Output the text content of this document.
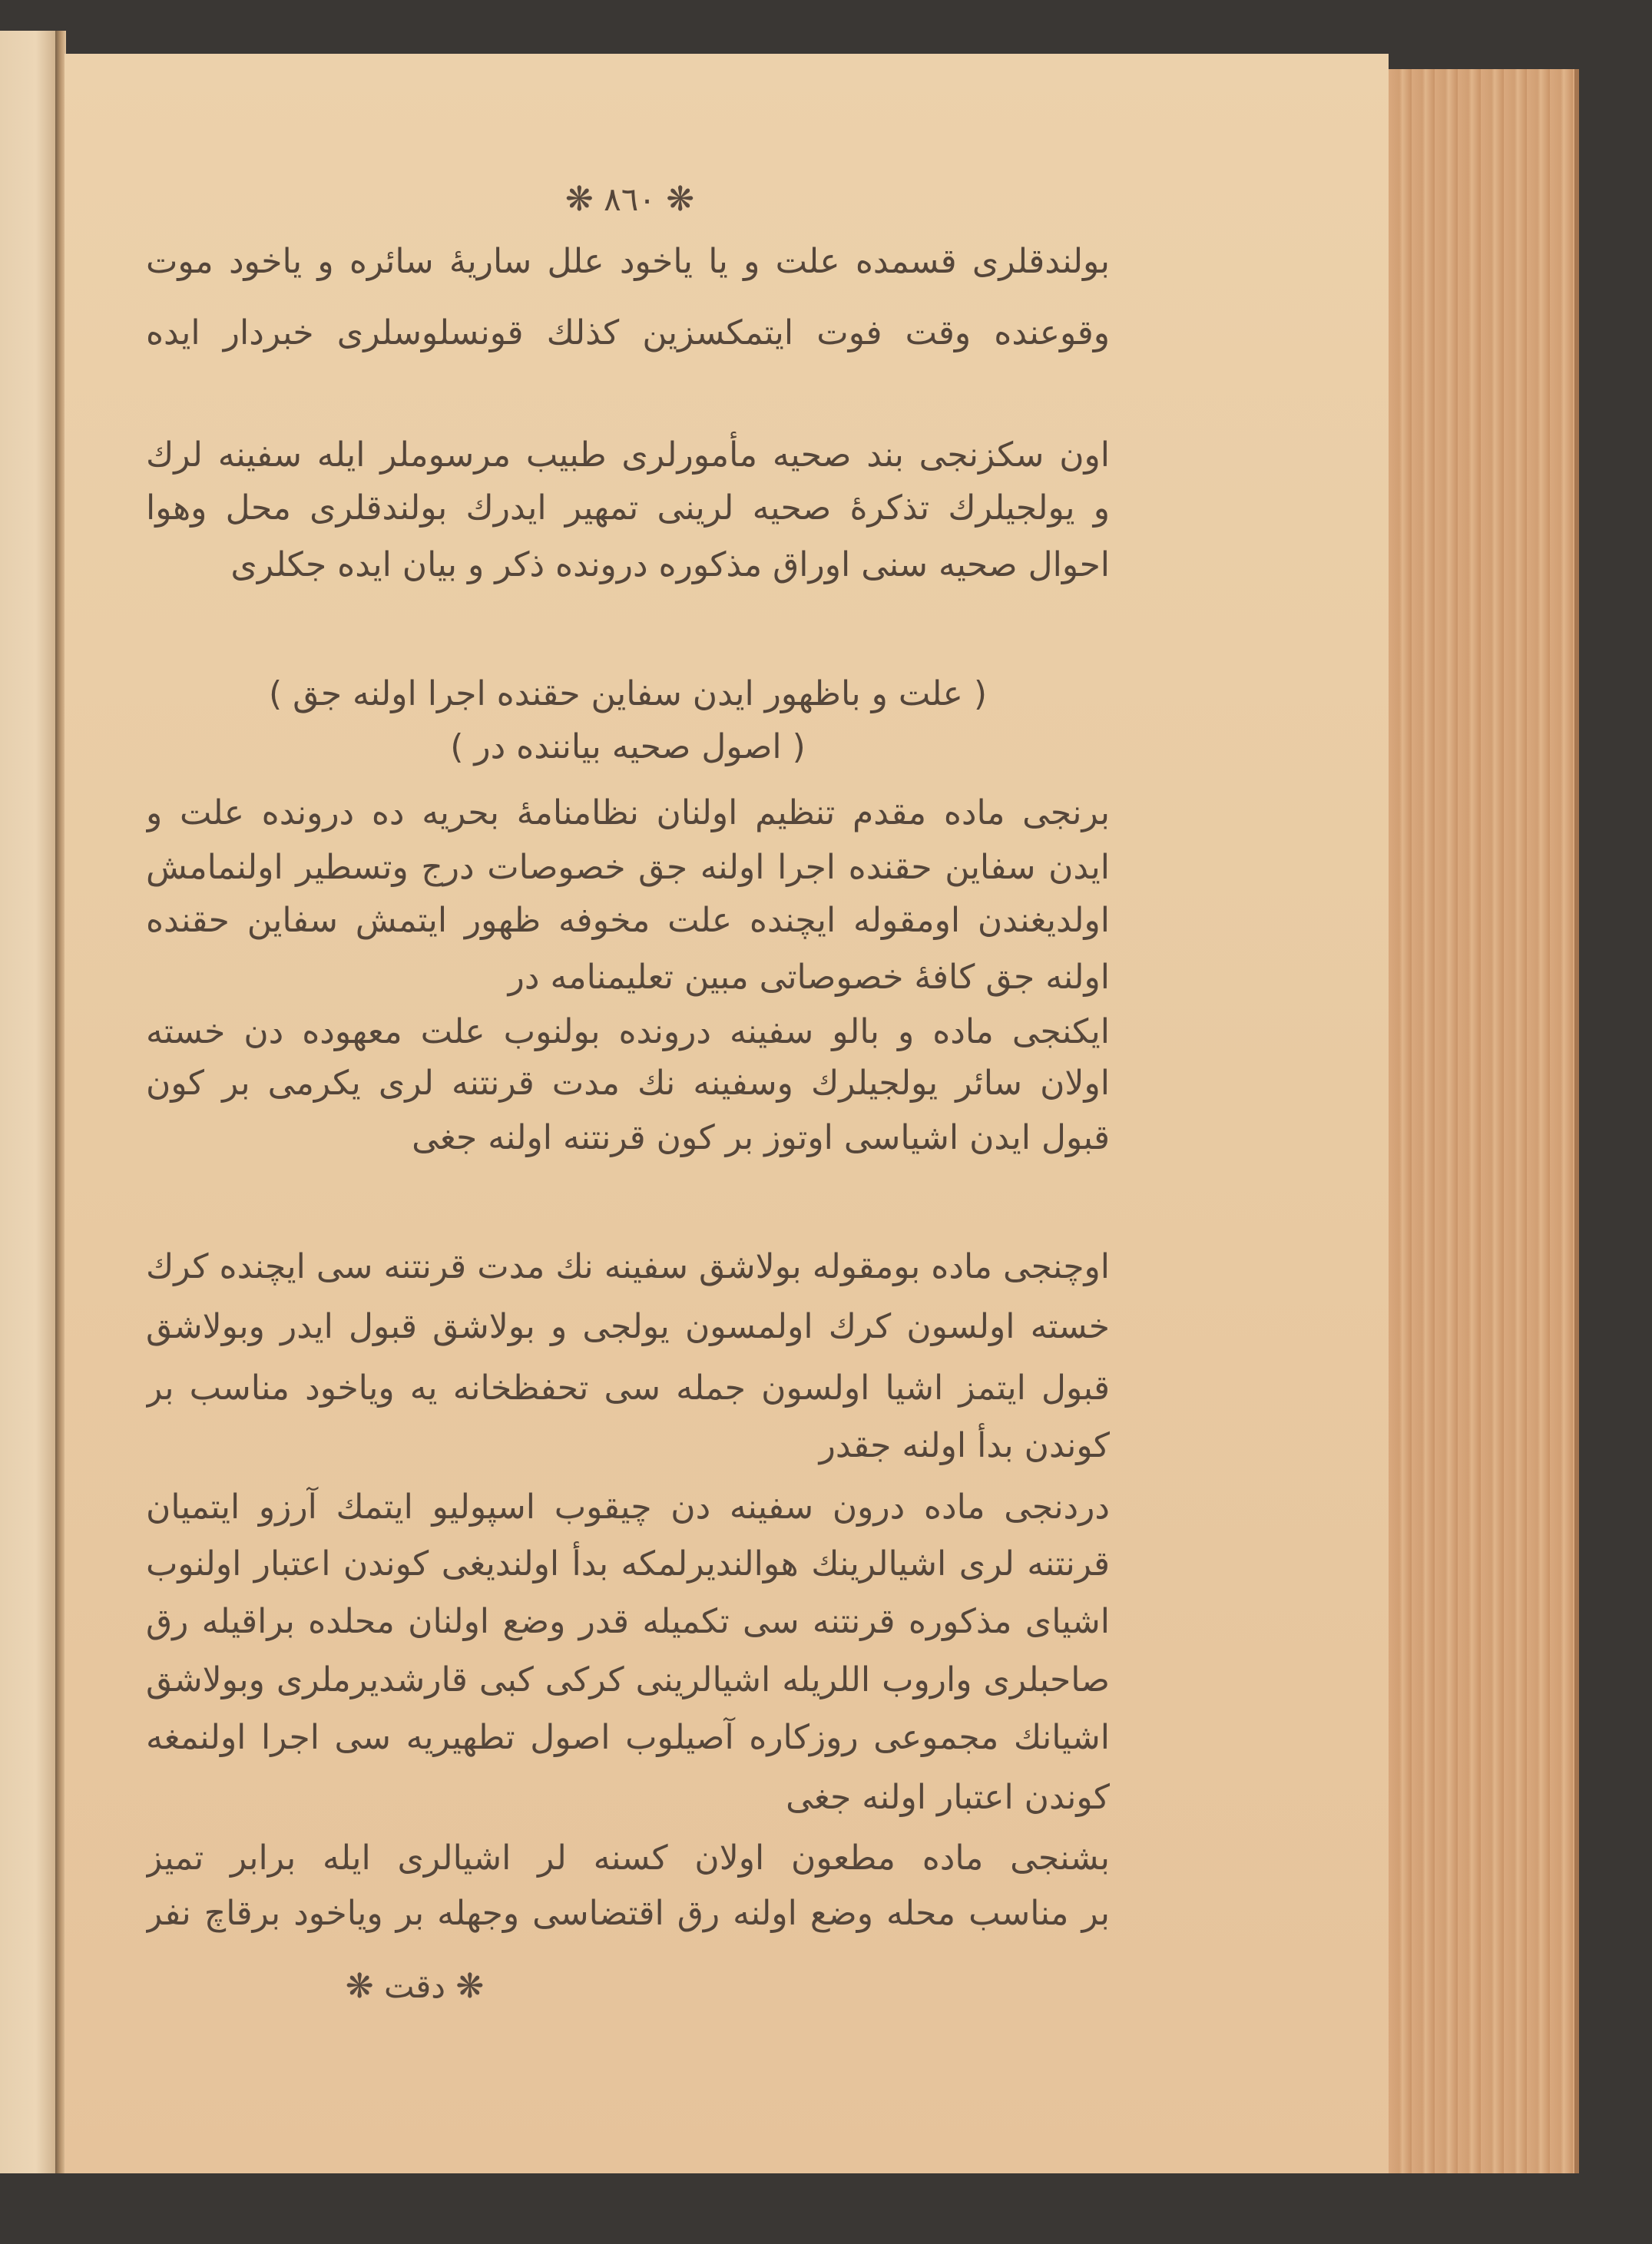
❋ ٨٦٠ ❋
بولندقلری قسمده علت و یا یاخود علل ساریهٔ سائره و یاخود موت
وقوعنده وقت فوت ایتمکسزین کذلك قونسلوسلری خبردار ایده
اون سکزنجی بند صحیه مأمورلری طبیب مرسوملر ایله سفینه لرك
و یولجیلرك تذکرهٔ صحیه لرینی تمهیر ایدرك بولندقلری محل وهوا
احوال صحیه سنی اوراق مذکوره درونده ذکر و بیان ایده جکلری
( علت و باظهور ایدن سفاین حقنده اجرا اولنه جق )
( اصول صحیه بیاننده در )
برنجی ماده مقدم تنظیم اولنان نظامنامهٔ بحریه ده درونده علت و
ایدن سفاین حقنده اجرا اولنه جق خصوصات درج وتسطیر اولنمامش
اولدیغندن اومقوله ایچنده علت مخوفه ظهور ایتمش سفاین حقنده
اولنه جق کافهٔ خصوصاتی مبین تعلیمنامه در
ایکنجی ماده و بالو سفینه درونده بولنوب علت معهوده دن خسته
اولان سائر یولجیلرك وسفینه نك مدت قرنتنه لری یکرمی بر کون
قبول ایدن اشیاسی اوتوز بر کون قرنتنه اولنه جغی
اوچنجی ماده بومقوله بولاشق سفینه نك مدت قرنتنه سی ایچنده کرك
خسته اولسون کرك اولمسون یولجی و بولاشق قبول ایدر وبولاشق
قبول ایتمز اشیا اولسون جمله سی تحفظخانه یه ویاخود مناسب بر
کوندن بدأ اولنه جقدر
دردنجی ماده درون سفینه دن چیقوب اسپولیو ایتمك آرزو ایتمیان
قرنتنه لری اشیالرینك هوالندیرلمکه بدأ اولندیغی کوندن اعتبار اولنوب
اشیای مذکوره قرنتنه سی تکمیله قدر وضع اولنان محلده براقیله رق
صاحبلری واروب اللریله اشیالرینی کرکی کبی قارشدیرملری وبولاشق
اشیانك مجموعی روزکاره آصیلوب اصول تطهیریه سی اجرا اولنمغه
کوندن اعتبار اولنه جغی
بشنجی ماده مطعون اولان کسنه لر اشیالری ایله برابر تمیز
بر مناسب محله وضع اولنه رق اقتضاسی وجهله بر ویاخود برقاچ نفر
❋ دقت ❋
